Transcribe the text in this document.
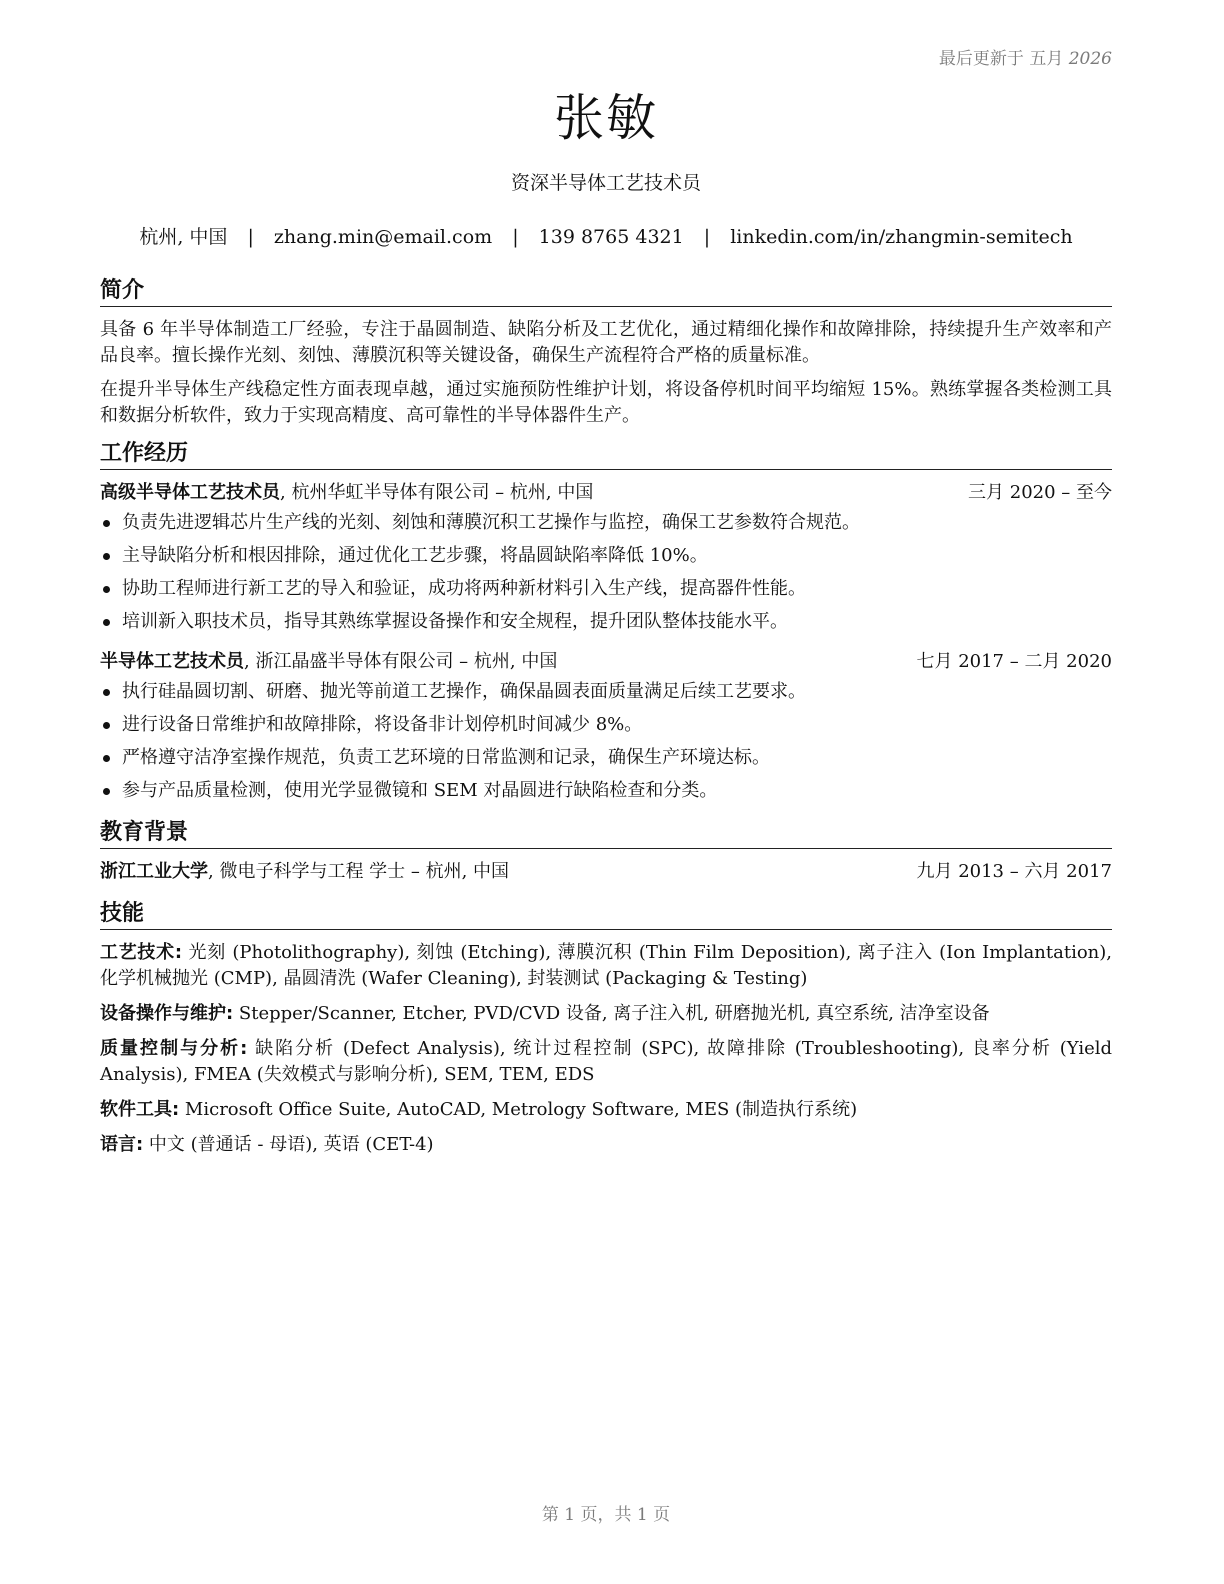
最后更新于 五月 2026
张敏
资深半导体工艺技术员
杭州, 中国 | zhang.min@email.com | 139 8765 4321 | linkedin.com/in/zhangmin-semitech
简介

具备 6 年半导体制造工厂经验，专注于晶圆制造、缺陷分析及工艺优化，通过精细化操作和故障排除，持续提升生产效率和产品良率。擅长操作光刻、刻蚀、薄膜沉积等关键设备，确保生产流程符合严格的质量标准。

在提升半导体生产线稳定性方面表现卓越，通过实施预防性维护计划，将设备停机时间平均缩短 15%。熟练掌握各类检测工具和数据分析软件，致力于实现高精度、高可靠性的半导体器件生产。

工作经历
高级半导体工艺技术员, 杭州华虹半导体有限公司 – 杭州, 中国	三月 2020 – 至今
负责先进逻辑芯片生产线的光刻、刻蚀和薄膜沉积工艺操作与监控，确保工艺参数符合规范。
主导缺陷分析和根因排除，通过优化工艺步骤，将晶圆缺陷率降低 10%。
协助工程师进行新工艺的导入和验证，成功将两种新材料引入生产线，提高器件性能。
培训新入职技术员，指导其熟练掌握设备操作和安全规程，提升团队整体技能水平。
半导体工艺技术员, 浙江晶盛半导体有限公司 – 杭州, 中国	七月 2017 – 二月 2020
执行硅晶圆切割、研磨、抛光等前道工艺操作，确保晶圆表面质量满足后续工艺要求。
进行设备日常维护和故障排除，将设备非计划停机时间减少 8%。
严格遵守洁净室操作规范，负责工艺环境的日常监测和记录，确保生产环境达标。
参与产品质量检测，使用光学显微镜和 SEM 对晶圆进行缺陷检查和分类。
教育背景
浙江工业大学, 微电子科学与工程 学士 – 杭州, 中国	九月 2013 – 六月 2017
技能
工艺技术: 光刻 (Photolithography), 刻蚀 (Etching), 薄膜沉积 (Thin Film Deposition), 离子注入 (Ion Implantation), 化学机械抛光 (CMP), 晶圆清洗 (Wafer Cleaning), 封装测试 (Packaging & Testing)
设备操作与维护: Stepper/Scanner, Etcher, PVD/CVD 设备, 离子注入机, 研磨抛光机, 真空系统, 洁净室设备
质量控制与分析: 缺陷分析 (Defect Analysis), 统计过程控制 (SPC), 故障排除 (Troubleshooting), 良率分析 (Yield Analysis), FMEA (失效模式与影响分析), SEM, TEM, EDS
软件工具: Microsoft Office Suite, AutoCAD, Metrology Software, MES (制造执行系统)
语言: 中文 (普通话 - 母语), 英语 (CET-4)
第 1 页，共 1 页
